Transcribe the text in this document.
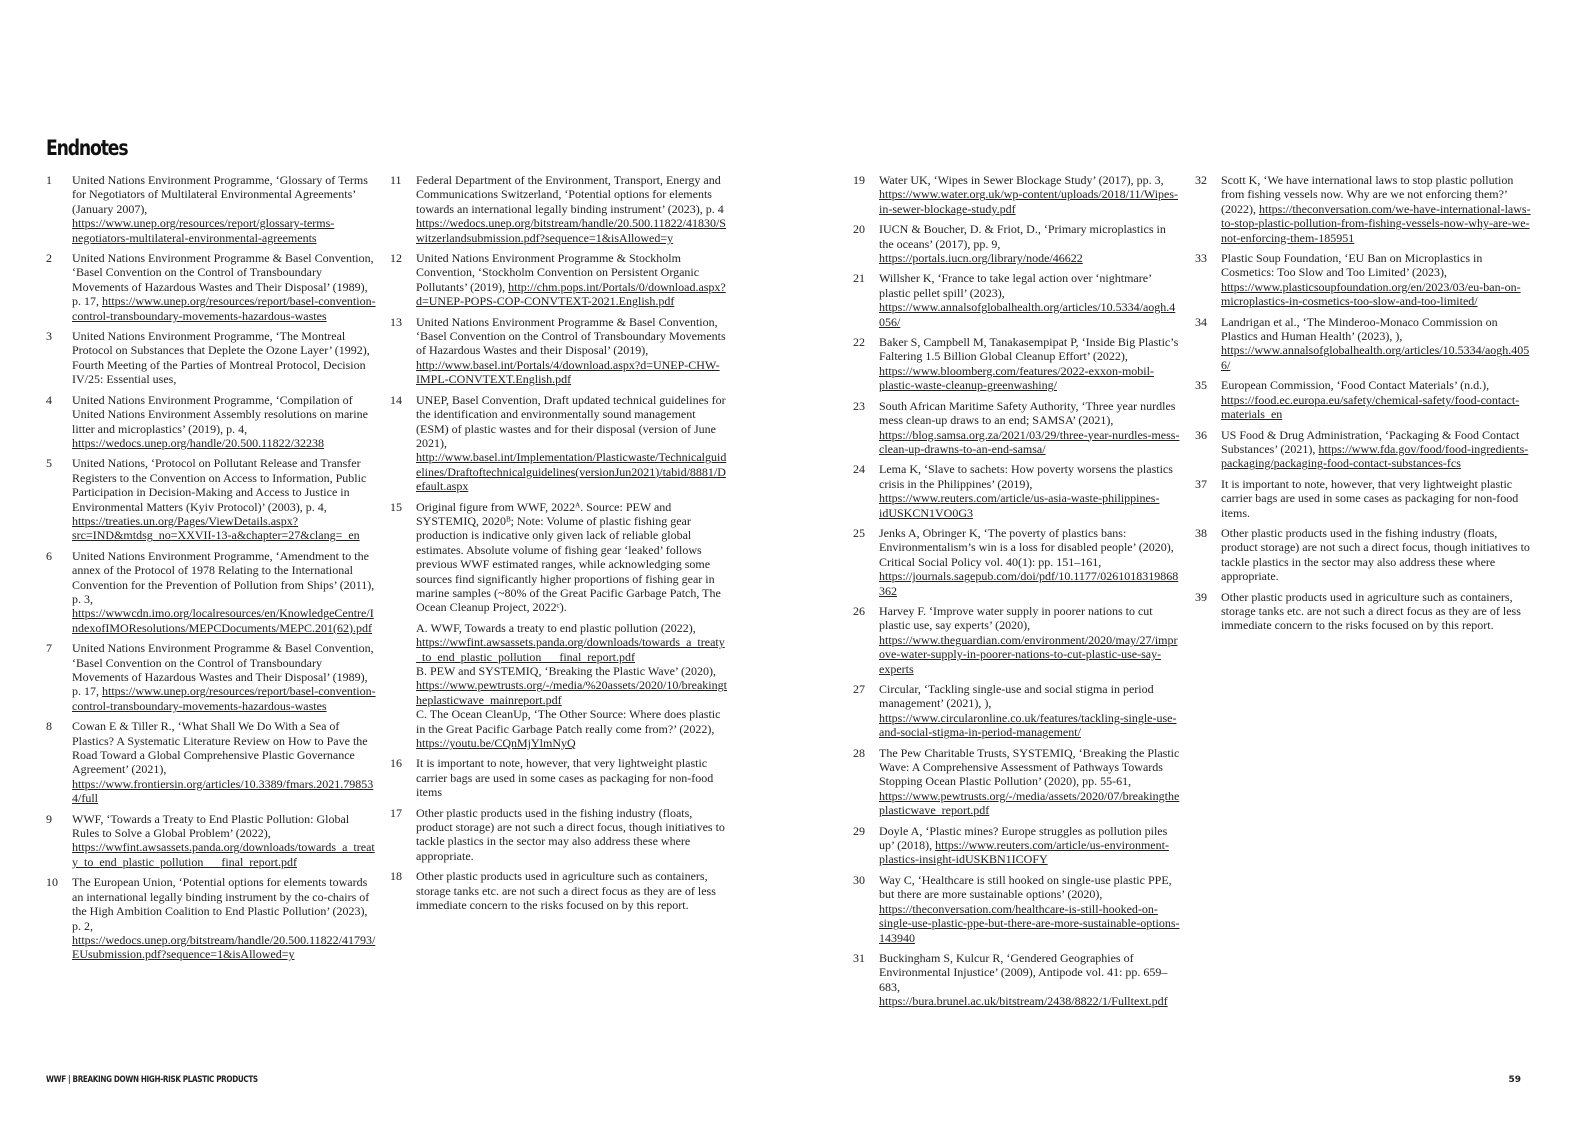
Endnotes
1	United Nations Environment Programme, ‘Glossary of Terms for Negotiators of Multilateral Environmental Agreements’ (January 2007), https://www.unep.org/resources/report/glossary-terms-negotiators-multilateral-environmental-agreements
2	United Nations Environment Programme & Basel Convention, ‘Basel Convention on the Control of Transboundary Movements of Hazardous Wastes and Their Disposal’ (1989), p. 17, https://www.unep.org/resources/report/basel-convention-control-transboundary-movements-hazardous-wastes
3	United Nations Environment Programme, ‘The Montreal Protocol on Substances that Deplete the Ozone Layer’ (1992), Fourth Meeting of the Parties of Montreal Protocol, Decision IV/25: Essential uses,
4	United Nations Environment Programme, ‘Compilation of United Nations Environment Assembly resolutions on marine litter and microplastics’ (2019), p. 4, https://wedocs.unep.org/handle/20.500.11822/32238
5	United Nations, ‘Protocol on Pollutant Release and Transfer Registers to the Convention on Access to Information, Public Participation in Decision-Making and Access to Justice in Environmental Matters (Kyiv Protocol)’ (2003), p. 4, https://treaties.un.org/Pages/ViewDetails.aspx?src=IND&mtdsg_no=XXVII-13-a&chapter=27&clang=_en
6	United Nations Environment Programme, ‘Amendment to the annex of the Protocol of 1978 Relating to the International Convention for the Prevention of Pollution from Ships’ (2011), p. 3, https://wwwcdn.imo.org/localresources/en/KnowledgeCentre/IndexofIMOResolutions/MEPCDocuments/MEPC.201(62).pdf
7	United Nations Environment Programme & Basel Convention, ‘Basel Convention on the Control of Transboundary Movements of Hazardous Wastes and Their Disposal’ (1989), p. 17, https://www.unep.org/resources/report/basel-convention-control-transboundary-movements-hazardous-wastes
8	Cowan E & Tiller R., ‘What Shall We Do With a Sea of Plastics? A Systematic Literature Review on How to Pave the Road Toward a Global Comprehensive Plastic Governance Agreement’ (2021), https://www.frontiersin.org/articles/10.3389/fmars.2021.798534/full
9	WWF, ‘Towards a Treaty to End Plastic Pollution: Global Rules to Solve a Global Problem’ (2022), https://wwfint.awsassets.panda.org/downloads/towards_a_treaty_to_end_plastic_pollution___final_report.pdf
10	The European Union, ‘Potential options for elements towards an international legally binding instrument by the co-chairs of the High Ambition Coalition to End Plastic Pollution’ (2023), p. 2, https://wedocs.unep.org/bitstream/handle/20.500.11822/41793/EUsubmission.pdf?sequence=1&isAllowed=y
11	Federal Department of the Environment, Transport, Energy and Communications Switzerland, ‘Potential options for elements towards an international legally binding instrument’ (2023), p. 4 https://wedocs.unep.org/bitstream/handle/20.500.11822/41830/Switzerlandsubmission.pdf?sequence=1&isAllowed=y
12	United Nations Environment Programme & Stockholm Convention, ‘Stockholm Convention on Persistent Organic Pollutants’ (2019), http://chm.pops.int/Portals/0/download.aspx?d=UNEP-POPS-COP-CONVTEXT-2021.English.pdf
13	United Nations Environment Programme & Basel Convention, ‘Basel Convention on the Control of Transboundary Movements of Hazardous Wastes and their Disposal’ (2019), http://www.basel.int/Portals/4/download.aspx?d=UNEP-CHW-IMPL-CONVTEXT.English.pdf
14	UNEP, Basel Convention, Draft updated technical guidelines for the identification and environmentally sound management (ESM) of plastic wastes and for their disposal (version of June 2021), http://www.basel.int/Implementation/Plasticwaste/Technicalguidelines/Draftoftechnicalguidelines(versionJun2021)/tabid/8881/Default.aspx
15	Original figure from WWF, 2022ᴬ. Source: PEW and SYSTEMIQ, 2020ᴮ; Note: Volume of plastic fishing gear production is indicative only given lack of reliable global estimates. Absolute volume of fishing gear ‘leaked’ follows previous WWF estimated ranges, while acknowledging some sources find significantly higher proportions of fishing gear in marine samples (~80% of the Great Pacific Garbage Patch, The Ocean Cleanup Project, 2022ᶜ).
A. WWF, Towards a treaty to end plastic pollution (2022), https://wwfint.awsassets.panda.org/downloads/towards_a_treaty_to_end_plastic_pollution___final_report.pdf
B. PEW and SYSTEMIQ, ‘Breaking the Plastic Wave’ (2020), https://www.pewtrusts.org/-/media/%20assets/2020/10/breakingtheplasticwave_mainreport.pdf
C. The Ocean CleanUp, ‘The Other Source: Where does plastic in the Great Pacific Garbage Patch really come from?’ (2022), https://youtu.be/CQnMjYlmNyQ
16	It is important to note, however, that very lightweight plastic carrier bags are used in some cases as packaging for non-food items
17	Other plastic products used in the fishing industry (floats, product storage) are not such a direct focus, though initiatives to tackle plastics in the sector may also address these where appropriate.
18	Other plastic products used in agriculture such as containers, storage tanks etc. are not such a direct focus as they are of less immediate concern to the risks focused on by this report.
19	Water UK, ‘Wipes in Sewer Blockage Study’ (2017), pp. 3, https://www.water.org.uk/wp-content/uploads/2018/11/Wipes-in-sewer-blockage-study.pdf
20	IUCN & Boucher, D. & Friot, D., ‘Primary microplastics in the oceans’ (2017), pp. 9, https://portals.iucn.org/library/node/46622
21	Willsher K, ‘France to take legal action over ‘nightmare’ plastic pellet spill’ (2023), https://www.annalsofglobalhealth.org/articles/10.5334/aogh.4056/
22	Baker S, Campbell M, Tanakasempipat P, ‘Inside Big Plastic’s Faltering 1.5 Billion Global Cleanup Effort’ (2022), https://www.bloomberg.com/features/2022-exxon-mobil-plastic-waste-cleanup-greenwashing/
23	South African Maritime Safety Authority, ‘Three year nurdles mess clean-up draws to an end; SAMSA’ (2021), https://blog.samsa.org.za/2021/03/29/three-year-nurdles-mess-clean-up-drawns-to-an-end-samsa/
24	Lema K, ‘Slave to sachets: How poverty worsens the plastics crisis in the Philippines’ (2019), https://www.reuters.com/article/us-asia-waste-philippines-idUSKCN1VO0G3
25	Jenks A, Obringer K, ‘The poverty of plastics bans: Environmentalism’s win is a loss for disabled people’ (2020), Critical Social Policy vol. 40(1): pp. 151–161, https://journals.sagepub.com/doi/pdf/10.1177/0261018319868362
26	Harvey F. ‘Improve water supply in poorer nations to cut plastic use, say experts’ (2020), https://www.theguardian.com/environment/2020/may/27/improve-water-supply-in-poorer-nations-to-cut-plastic-use-say-experts
27	Circular, ‘Tackling single-use and social stigma in period management’ (2021), ), https://www.circularonline.co.uk/features/tackling-single-use-and-social-stigma-in-period-management/
28	The Pew Charitable Trusts, SYSTEMIQ, ‘Breaking the Plastic Wave: A Comprehensive Assessment of Pathways Towards Stopping Ocean Plastic Pollution’ (2020), pp. 55-61, https://www.pewtrusts.org/-/media/assets/2020/07/breakingtheplasticwave_report.pdf
29	Doyle A, ‘Plastic mines? Europe struggles as pollution piles up’ (2018), https://www.reuters.com/article/us-environment-plastics-insight-idUSKBN1ICOFY
30	Way C, ‘Healthcare is still hooked on single-use plastic PPE, but there are more sustainable options’ (2020), https://theconversation.com/healthcare-is-still-hooked-on-single-use-plastic-ppe-but-there-are-more-sustainable-options-143940
31	Buckingham S, Kulcur R, ‘Gendered Geographies of Environmental Injustice’ (2009), Antipode vol. 41: pp. 659–683, https://bura.brunel.ac.uk/bitstream/2438/8822/1/Fulltext.pdf
32	Scott K, ‘We have international laws to stop plastic pollution from fishing vessels now. Why are we not enforcing them?’ (2022), https://theconversation.com/we-have-international-laws-to-stop-plastic-pollution-from-fishing-vessels-now-why-are-we-not-enforcing-them-185951
33	Plastic Soup Foundation, ‘EU Ban on Microplastics in Cosmetics: Too Slow and Too Limited’ (2023), https://www.plasticsoupfoundation.org/en/2023/03/eu-ban-on-microplastics-in-cosmetics-too-slow-and-too-limited/
34	Landrigan et al., ‘The Minderoo-Monaco Commission on Plastics and Human Health’ (2023), ), https://www.annalsofglobalhealth.org/articles/10.5334/aogh.4056/
35	European Commission, ‘Food Contact Materials’ (n.d.), https://food.ec.europa.eu/safety/chemical-safety/food-contact-materials_en
36	US Food & Drug Administration, ‘Packaging & Food Contact Substances’ (2021), https://www.fda.gov/food/food-ingredients-packaging/packaging-food-contact-substances-fcs
37	It is important to note, however, that very lightweight plastic carrier bags are used in some cases as packaging for non-food items.
38	Other plastic products used in the fishing industry (floats, product storage) are not such a direct focus, though initiatives to tackle plastics in the sector may also address these where appropriate.
39	Other plastic products used in agriculture such as containers, storage tanks etc. are not such a direct focus as they are of less immediate concern to the risks focused on by this report.
WWF | BREAKING DOWN HIGH-RISK PLASTIC PRODUCTS	59
